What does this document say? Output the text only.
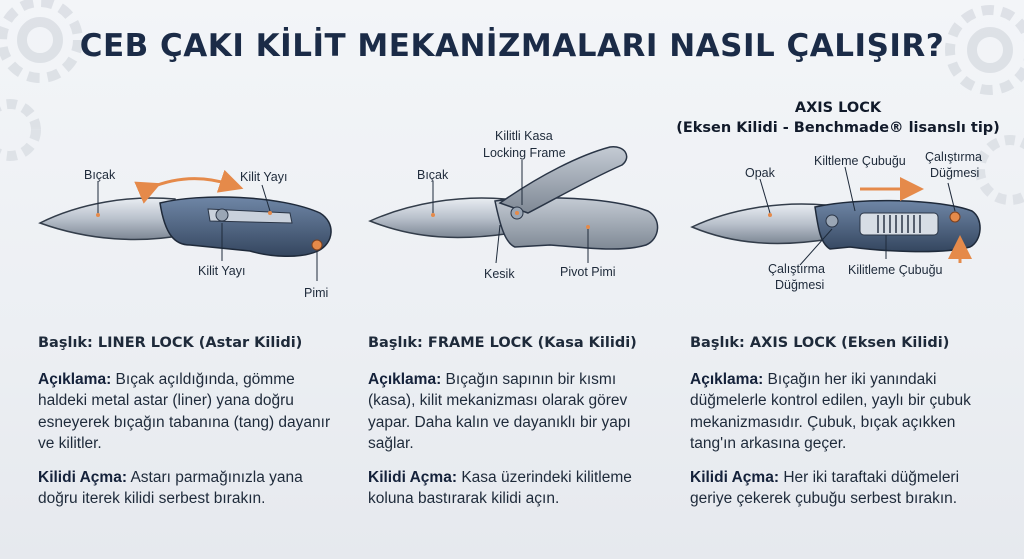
CEB ÇAKI KİLİT MEKANİZMALARI NASIL ÇALIŞIR?
Bıçak	Kilit Yayı
Kilit Yayı
Pimi
Kilitli Kasa
Locking Frame
Bıçak
Kesik	Pivot Pimi
AXIS LOCK
(Eksen Kilidi - Benchmade® lisanslı tip)
Opak
Kiltleme Çubuğu Çalıştırma
Düğmesi
Çalıştırma
Düğmesi
Kilitleme Çubuğu

Başlık: LINER LOCK (Astar Kilidi)

Açıklama: Bıçak açıldığında, gömme haldeki metal astar (liner) yana doğru esneyerek bıçağın tabanına (tang) dayanır ve kilitler.

Kilidi Açma: Astarı parmağınızla yana doğru iterek kilidi serbest bırakın.

Başlık: FRAME LOCK (Kasa Kilidi)

Açıklama: Bıçağın sapının bir kısmı (kasa), kilit mekanizması olarak görev yapar. Daha kalın ve dayanıklı bir yapı sağlar.

Kilidi Açma: Kasa üzerindeki kilitleme koluna bastırarak kilidi açın.

Başlık: AXIS LOCK (Eksen Kilidi)

Açıklama: Bıçağın her iki yanındaki düğmelerle kontrol edilen, yaylı bir çubuk mekanizmasıdır. Çubuk, bıçak açıkken tang'ın arkasına geçer.

Kilidi Açma: Her iki taraftaki düğmeleri geriye çekerek çubuğu serbest bırakın.
